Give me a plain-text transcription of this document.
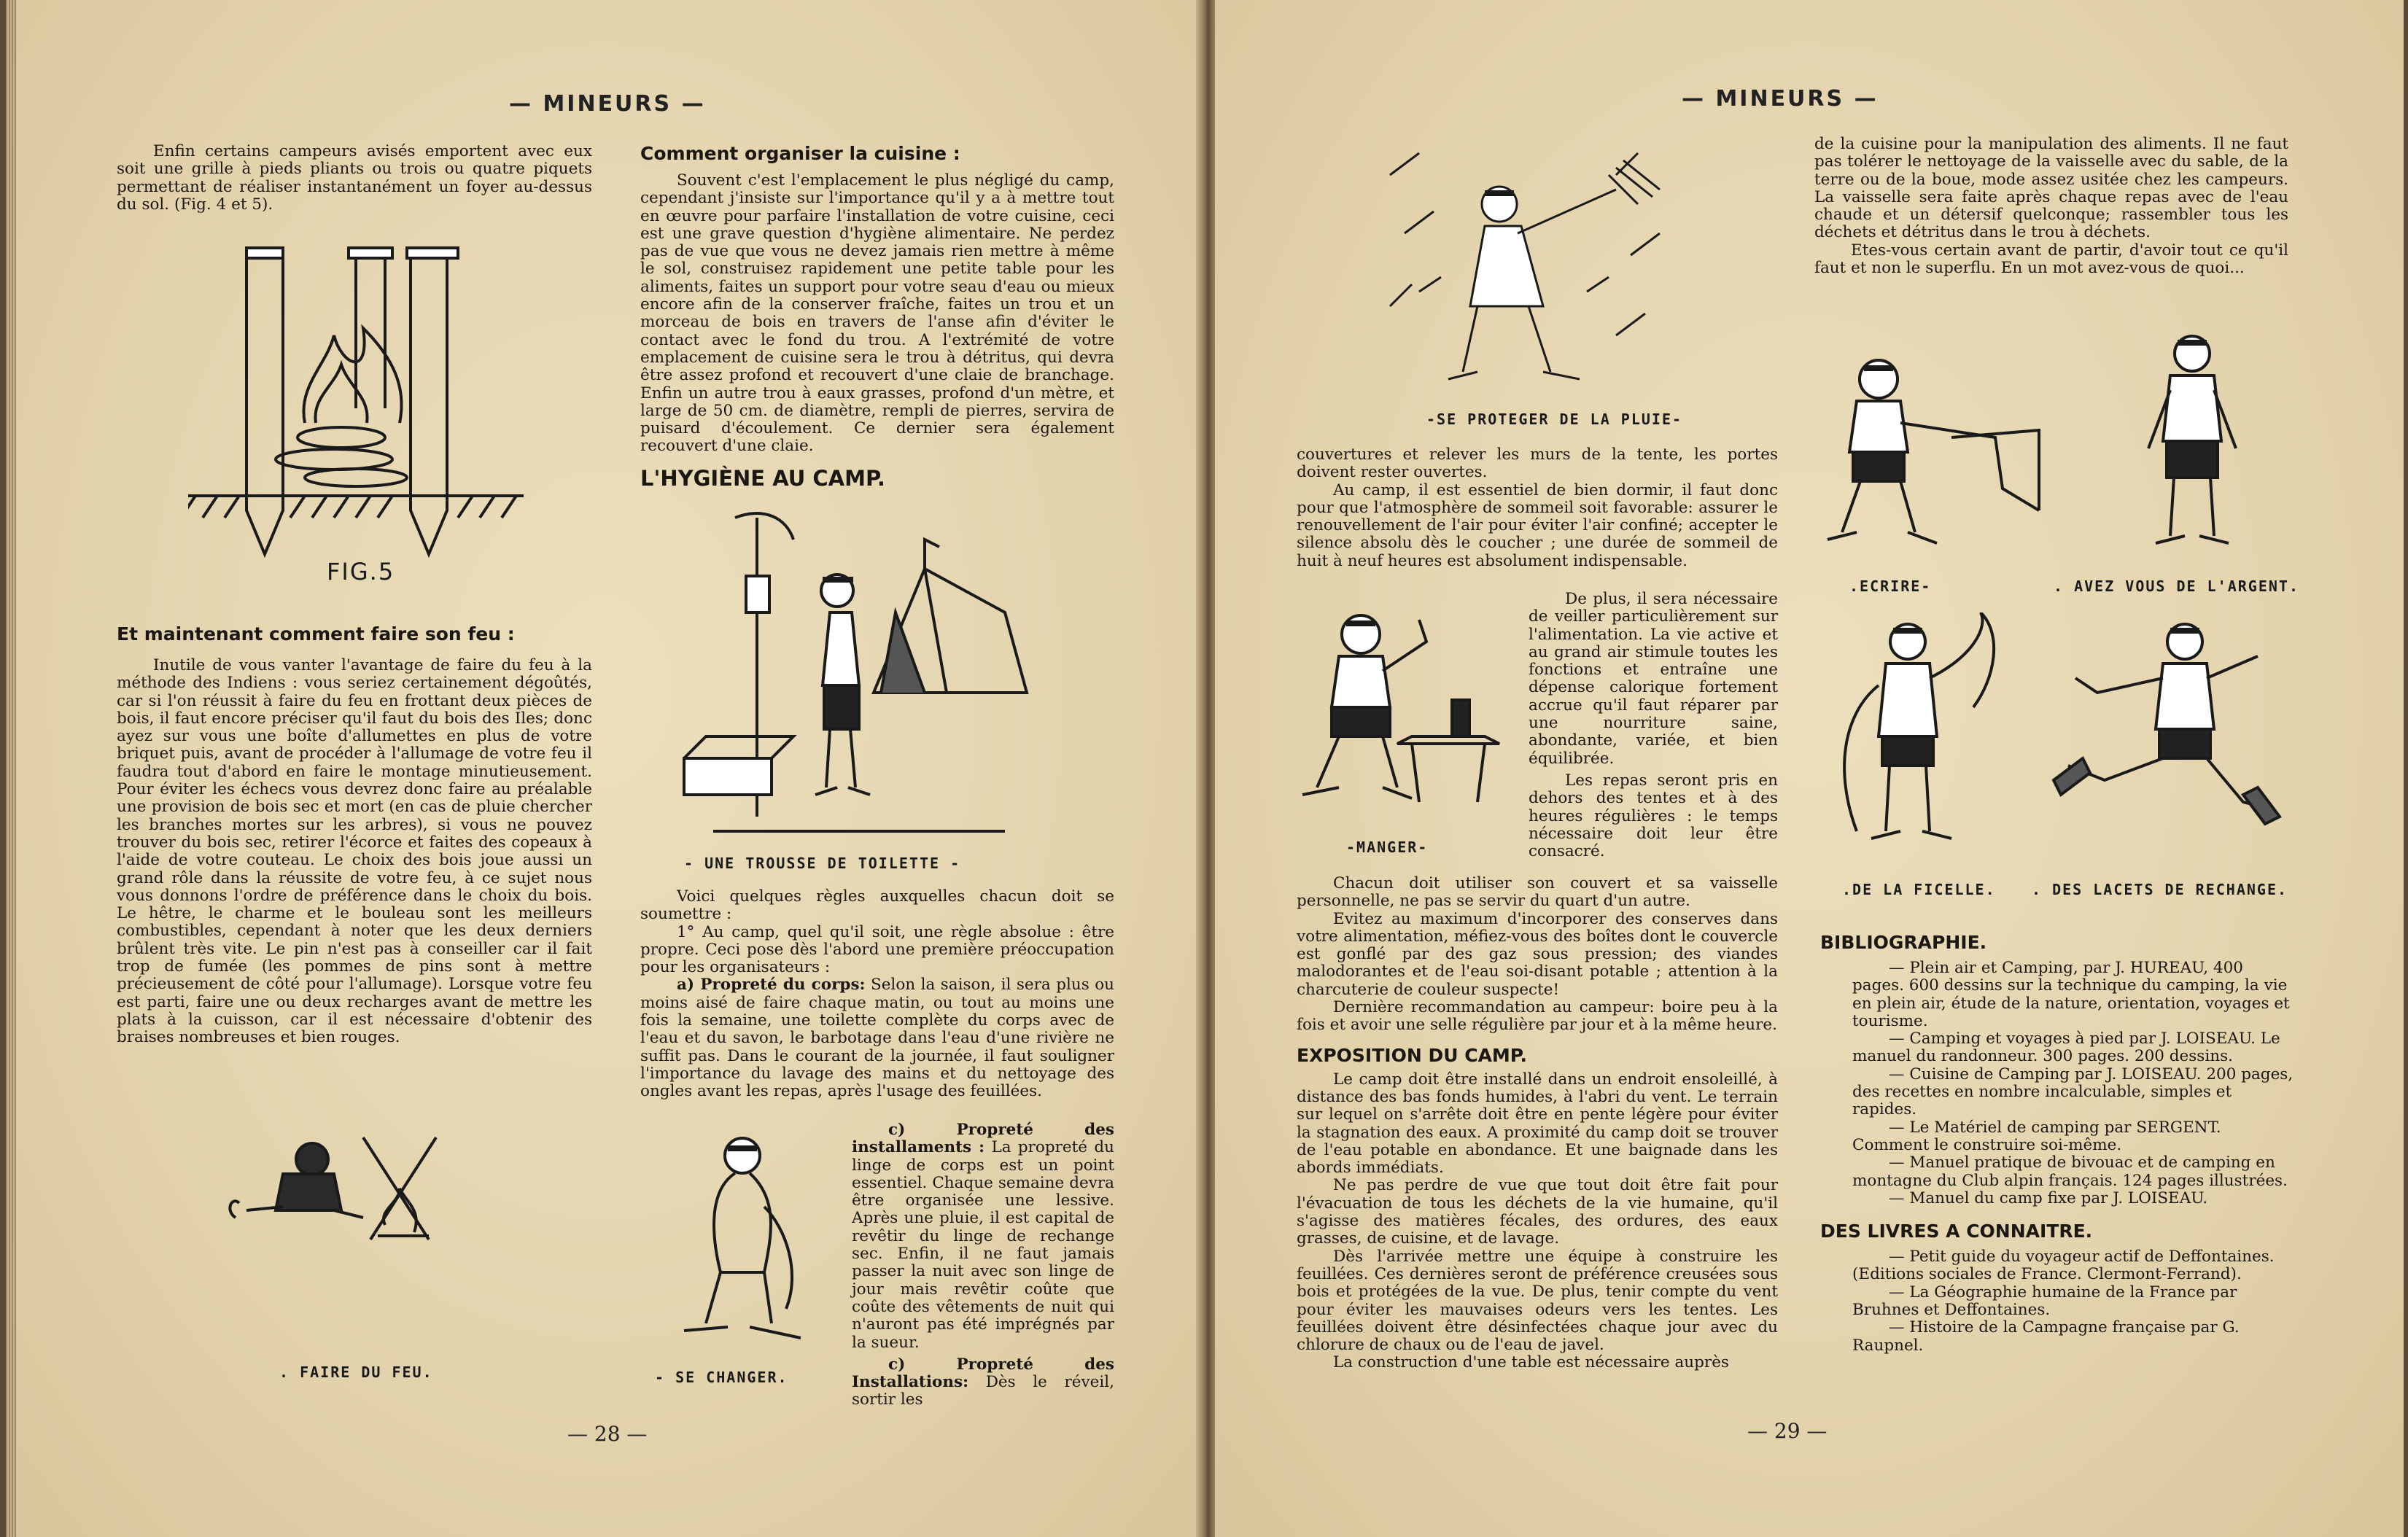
— MINEURS —

Enfin certains campeurs avisés emportent avec eux soit une grille à pieds pliants ou trois ou quatre piquets permettant de réaliser instantanément un foyer au-dessus du sol. (Fig. 4 et 5).

FIG.5
Et maintenant comment faire son feu :

Inutile de vous vanter l'avantage de faire du feu à la méthode des Indiens : vous seriez certainement dégoûtés, car si l'on réussit à faire du feu en frottant deux pièces de bois, il faut encore préciser qu'il faut du bois des Iles; donc ayez sur vous une boîte d'allumettes en plus de votre briquet puis, avant de procéder à l'allumage de votre feu il faudra tout d'abord en faire le montage minutieusement. Pour éviter les échecs vous devrez donc faire au préalable une provision de bois sec et mort (en cas de pluie chercher les branches mortes sur les arbres), si vous ne pouvez trouver du bois sec, retirer l'écorce et faites des copeaux à l'aide de votre couteau. Le choix des bois joue aussi un grand rôle dans la réussite de votre feu, à ce sujet nous vous donnons l'ordre de préférence dans le choix du bois. Le hêtre, le charme et le bouleau sont les meilleurs combustibles, cependant à noter que les deux derniers brûlent très vite. Le pin n'est pas à conseiller car il fait trop de fumée (les pommes de pins sont à mettre précieusement de côté pour l'allumage). Lorsque votre feu est parti, faire une ou deux recharges avant de mettre les plats à la cuisson, car il est nécessaire d'obtenir des braises nombreuses et bien rouges.

. FAIRE DU FEU.
Comment organiser la cuisine :

Souvent c'est l'emplacement le plus négligé du camp, cependant j'insiste sur l'importance qu'il y a à mettre tout en œuvre pour parfaire l'installation de votre cuisine, ceci est une grave question d'hygiène alimentaire. Ne perdez pas de vue que vous ne devez jamais rien mettre à même le sol, construisez rapidement une petite table pour les aliments, faites un support pour votre seau d'eau ou mieux encore afin de la conserver fraîche, faites un trou et un morceau de bois en travers de l'anse afin d'éviter le contact avec le fond du trou. A l'extrémité de votre emplacement de cuisine sera le trou à détritus, qui devra être assez profond et recouvert d'une claie de branchage. Enfin un autre trou à eaux grasses, profond d'un mètre, et large de 50 cm. de diamètre, rempli de pierres, servira de puisard d'écoulement. Ce dernier sera également recouvert d'une claie.

L'HYGIÈNE AU CAMP.
- UNE TROUSSE DE TOILETTE -

Voici quelques règles auxquelles chacun doit se soumettre :

1° Au camp, quel qu'il soit, une règle absolue : être propre. Ceci pose dès l'abord une première préoccupation pour les organisateurs :

a) Propreté du corps: Selon la saison, il sera plus ou moins aisé de faire chaque matin, ou tout au moins une fois la semaine, une toilette complète du corps avec de l'eau et du savon, le barbotage dans l'eau d'une rivière ne suffit pas. Dans le courant de la journée, il faut souligner l'importance du lavage des mains et du nettoyage des ongles avant les repas, après l'usage des feuillées.

- SE CHANGER.

c) Propreté des installaments : La propreté du linge de corps est un point essentiel. Chaque semaine devra être organisée une lessive. Après une pluie, il est capital de revêtir du linge de rechange sec. Enfin, il ne faut jamais passer la nuit avec son linge de jour mais revêtir coûte que coûte des vêtements de nuit qui n'auront pas été imprégnés par la sueur.

c) Propreté des Installations: Dès le réveil, sortir les

— 28 —
— MINEURS —
-SE PROTEGER DE LA PLUIE-

couvertures et relever les murs de la tente, les portes doivent rester ouvertes.

Au camp, il est essentiel de bien dormir, il faut donc pour que l'atmosphère de sommeil soit favorable: assurer le renouvellement de l'air pour éviter l'air confiné; accepter le silence absolu dès le coucher ; une durée de sommeil de huit à neuf heures est absolument indispensable.

-MANGER-

De plus, il sera nécessaire de veiller particulièrement sur l'alimentation. La vie active et au grand air stimule toutes les fonctions et entraîne une dépense calorique fortement accrue qu'il faut réparer par une nourriture saine, abondante, variée, et bien équilibrée.

Les repas seront pris en dehors des tentes et à des heures régulières : le temps nécessaire doit leur être consacré.

Chacun doit utiliser son couvert et sa vaisselle personnelle, ne pas se servir du quart d'un autre.

Evitez au maximum d'incorporer des conserves dans votre alimentation, méfiez-vous des boîtes dont le couvercle est gonflé par des gaz sous pression; des viandes malodorantes et de l'eau soi-disant potable ; attention à la charcuterie de couleur suspecte!

Dernière recommandation au campeur: boire peu à la fois et avoir une selle régulière par jour et à la même heure.

EXPOSITION DU CAMP.

Le camp doit être installé dans un endroit ensoleillé, à distance des bas fonds humides, à l'abri du vent. Le terrain sur lequel on s'arrête doit être en pente légère pour éviter la stagnation des eaux. A proximité du camp doit se trouver de l'eau potable en abondance. Et une baignade dans les abords immédiats.

Ne pas perdre de vue que tout doit être fait pour l'évacuation de tous les déchets de la vie humaine, qu'il s'agisse des matières fécales, des ordures, des eaux grasses, de cuisine, et de lavage.

Dès l'arrivée mettre une équipe à construire les feuillées. Ces dernières seront de préférence creusées sous bois et protégées de la vue. De plus, tenir compte du vent pour éviter les mauvaises odeurs vers les tentes. Les feuillées doivent être désinfectées chaque jour avec du chlorure de chaux ou de l'eau de javel.

La construction d'une table est nécessaire auprès

de la cuisine pour la manipulation des aliments. Il ne faut pas tolérer le nettoyage de la vaisselle avec du sable, de la terre ou de la boue, mode assez usitée chez les campeurs. La vaisselle sera faite après chaque repas avec de l'eau chaude et un détersif quelconque; rassembler tous les déchets et détritus dans le trou à déchets.

Etes-vous certain avant de partir, d'avoir tout ce qu'il faut et non le superflu. En un mot avez-vous de quoi...

.ECRIRE-	. AVEZ VOUS DE L'ARGENT.
.DE LA FICELLE. . DES LACETS DE RECHANGE.
BIBLIOGRAPHIE.

— Plein air et Camping, par J. HUREAU, 400 pages. 600 dessins sur la technique du camping, la vie en plein air, étude de la nature, orientation, voyages et tourisme.

— Camping et voyages à pied par J. LOISEAU. Le manuel du randonneur. 300 pages. 200 dessins.

— Cuisine de Camping par J. LOISEAU. 200 pages, des recettes en nombre incalculable, simples et rapides.

— Le Matériel de camping par SERGENT. Comment le construire soi-même.

— Manuel pratique de bivouac et de camping en montagne du Club alpin français. 124 pages illustrées.

— Manuel du camp fixe par J. LOISEAU.

DES LIVRES A CONNAITRE.

— Petit guide du voyageur actif de Deffontaines. (Editions sociales de France. Clermont-Ferrand).

— La Géographie humaine de la France par Bruhnes et Deffontaines.

— Histoire de la Campagne française par G. Raupnel.

— 29 —
